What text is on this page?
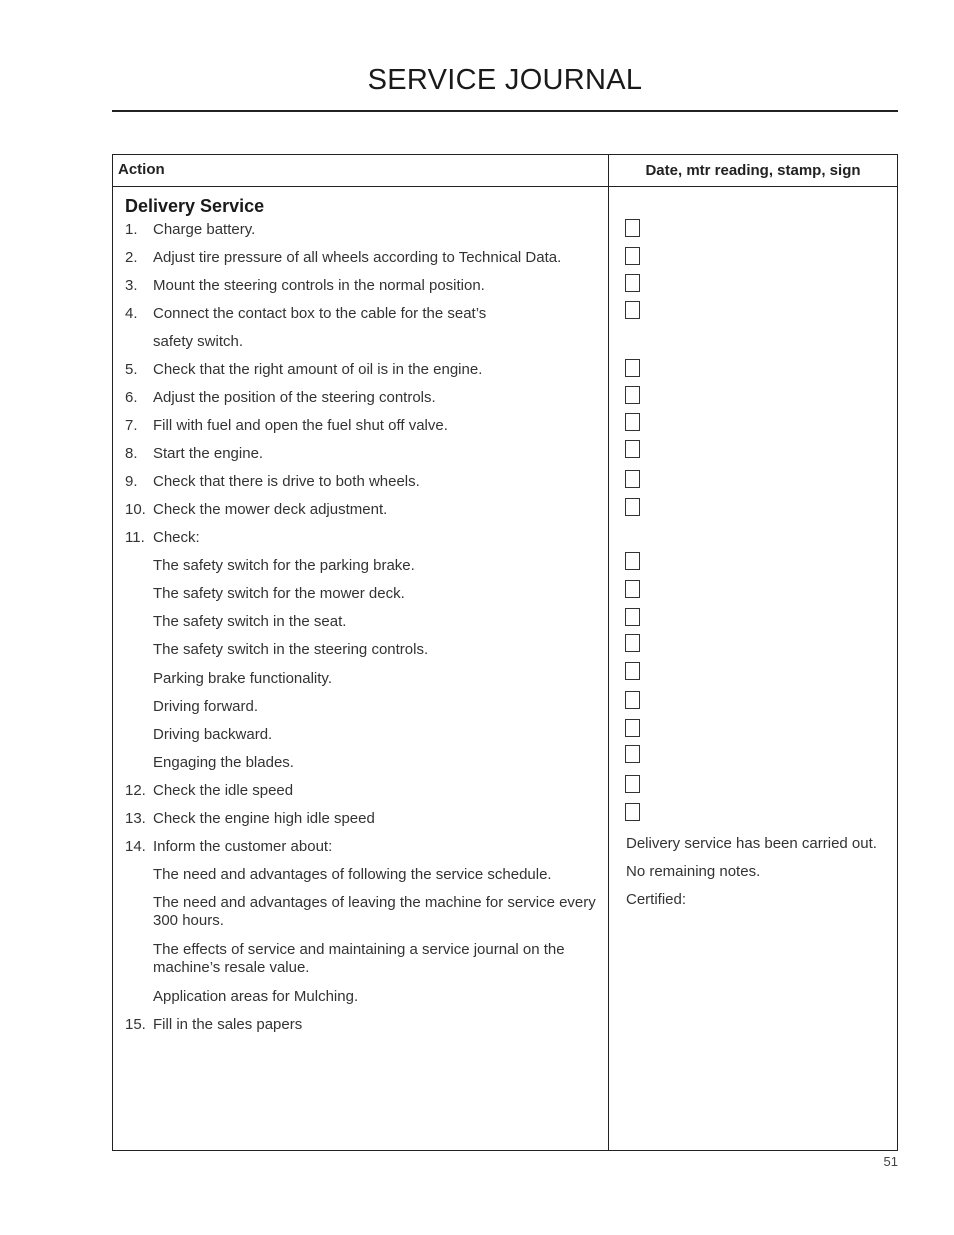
SERVICE JOURNAL
Action	Date, mtr reading, stamp, sign
Delivery Service
1. Charge battery.
2. Adjust tire pressure of all wheels according to Technical Data.
3. Mount the steering controls in the normal position.
4. Connect the contact box to the cable for the seat’s
safety switch.
5. Check that the right amount of oil is in the engine.
6. Adjust the position of the steering controls.
7. Fill with fuel and open the fuel shut off valve.
8. Start the engine.
9. Check that there is drive to both wheels.
10. Check the mower deck adjustment.
11. Check:
The safety switch for the parking brake.
The safety switch for the mower deck.
The safety switch in the seat.
The safety switch in the steering controls.
Parking brake functionality.
Driving forward.
Driving backward.
Engaging the blades.
12. Check the idle speed
13. Check the engine high idle speed
14. Inform the customer about:
The need and advantages of following the service schedule.
The need and advantages of leaving the machine for service every 300 hours.
The effects of service and maintaining a service journal on the machine’s resale value.
Application areas for Mulching.
15. Fill in the sales papers
Delivery service has been carried out.
No remaining notes.
Certified:
51
